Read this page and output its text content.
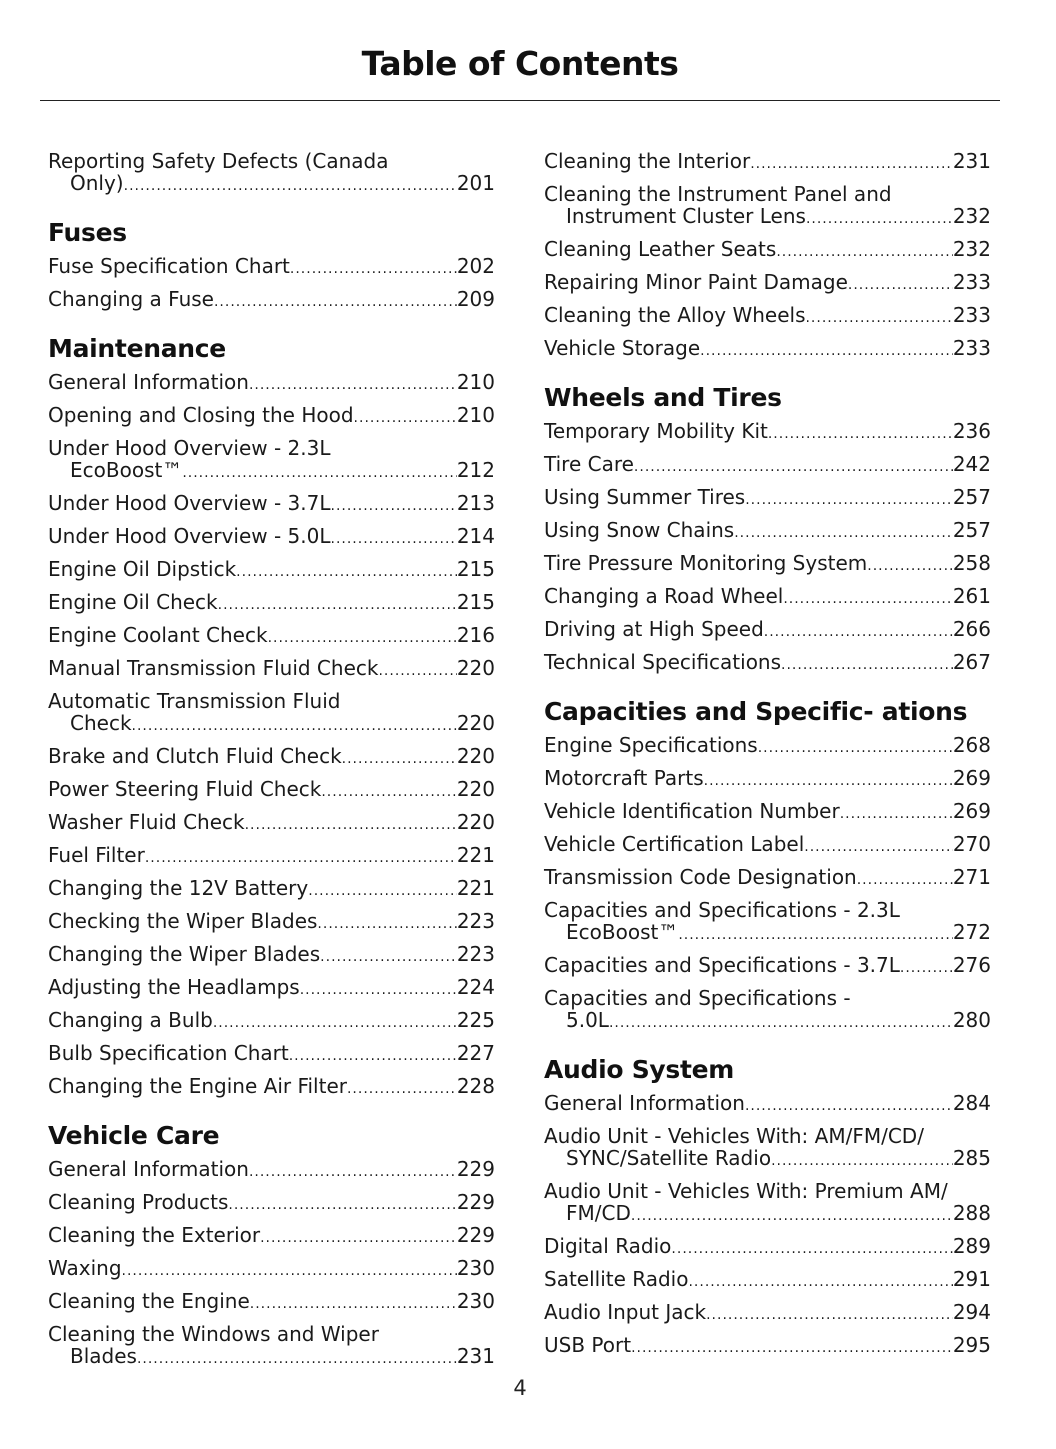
Table of Contents
Reporting Safety Defects (Canada
Only) .....	201
Fuses
Fuse Specification Chart .....	202
Changing a Fuse .....	209
Maintenance
General Information .....	210
Opening and Closing the Hood .....	210
Under Hood Overview - 2.3L
EcoBoost™ .....	212
Under Hood Overview - 3.7L .....	213
Under Hood Overview - 5.0L .....	214
Engine Oil Dipstick .....	215
Engine Oil Check .....	215
Engine Coolant Check .....	216
Manual Transmission Fluid Check .....	220
Automatic Transmission Fluid
Check .....	220
Brake and Clutch Fluid Check .....	220
Power Steering Fluid Check .....	220
Washer Fluid Check .....	220
Fuel Filter .....	221
Changing the 12V Battery .....	221
Checking the Wiper Blades .....	223
Changing the Wiper Blades .....	223
Adjusting the Headlamps .....	224
Changing a Bulb .....	225
Bulb Specification Chart .....	227
Changing the Engine Air Filter .....	228
Vehicle Care
General Information .....	229
Cleaning Products .....	229
Cleaning the Exterior .....	229
Waxing .....	230
Cleaning the Engine .....	230
Cleaning the Windows and Wiper
Blades .....	231
Cleaning the Interior .....	231
Cleaning the Instrument Panel and
Instrument Cluster Lens .....	232
Cleaning Leather Seats .....	232
Repairing Minor Paint Damage .....	233
Cleaning the Alloy Wheels .....	233
Vehicle Storage .....	233
Wheels and Tires
Temporary Mobility Kit .....	236
Tire Care .....	242
Using Summer Tires .....	257
Using Snow Chains .....	257
Tire Pressure Monitoring System .....	258
Changing a Road Wheel .....	261
Driving at High Speed .....	266
Technical Specifications .....	267
Capacities and Specific- ations
Engine Specifications .....	268
Motorcraft Parts .....	269
Vehicle Identification Number .....	269
Vehicle Certification Label .....	270
Transmission Code Designation .....	271
Capacities and Specifications - 2.3L
EcoBoost™ .....	272
Capacities and Specifications - 3.7L .....	276
Capacities and Specifications -
5.0L .....	280
Audio System
General Information .....	284
Audio Unit - Vehicles With: AM/FM/CD/
SYNC/Satellite Radio .....	285
Audio Unit - Vehicles With: Premium AM/
FM/CD .....	288
Digital Radio .....	289
Satellite Radio .....	291
Audio Input Jack .....	294
USB Port .....	295
4
